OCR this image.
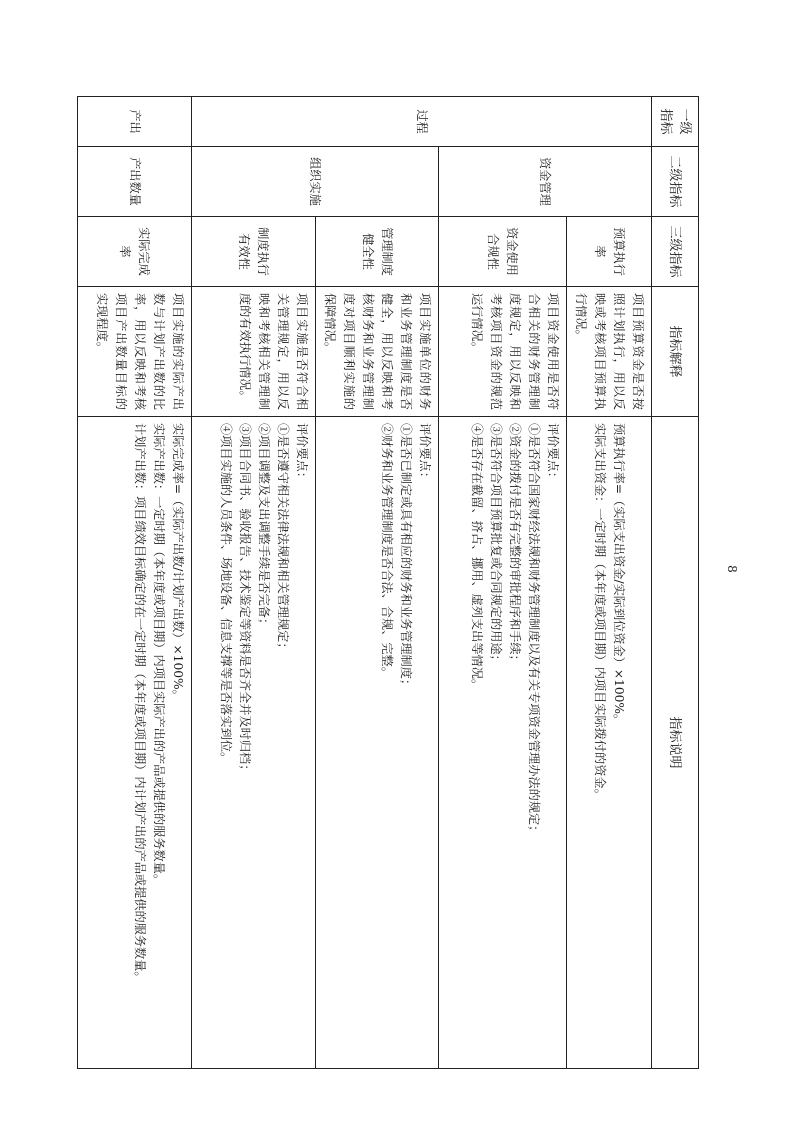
一级指标	二级指标	三级指标	指标解释	指标说明
过程	资金管理	预算执行率	项目预算资金是否按照计划执行，用以反映或考核项目预算执行情况。	预算执行率=（实际支出资金/实际到位资金）×100%。
实际支出资金：一定时期（本年度或项目期）内项目实际拨付的资金。

		资金使用合规性	项目资金使用是否符合相关的财务管理制度规定，用以反映和考核项目资金的规范运行情况。	评价要点：
①是否符合国家财经法规和财务管理制度以及有关专项资金管理办法的规定；
②资金的拨付是否有完整的审批程序和手续；
③是否符合项目预算批复或合同规定的用途；
④是否存在截留、挤占、挪用、虚列支出等情况。

	组织实施	管理制度健全性	项目实施单位的财务和业务管理制度是否健全，用以反映和考核财务和业务管理制度对项目顺利实施的保障情况。	评价要点：
①是否已制定或具有相应的财务和业务管理制度；
②财务和业务管理制度是否合法、合规、完整。

		制度执行有效性	项目实施是否符合相关管理规定，用以反映和考核相关管理制度的有效执行情况。	评价要点：
①是否遵守相关法律法规和相关管理规定；
②项目调整及支出调整手续是否完备；
③项目合同书、验收报告、技术鉴定等资料是否齐全并及时归档；
④项目实施的人员条件、场地设备、信息支撑等是否落实到位。

产出	产出数量	实际完成率	项目实施的实际产出数与计划产出数的比率，用以反映和考核项目产出数量目标的实现程度。	实际完成率=（实际产出数/计划产出数）×100%。
实际产出数：一定时期（本年度或项目期）内项目实际产出的产品或提供的服务数量。
计划产出数：项目绩效目标确定的在一定时期（本年度或项目期）内计划产出的产品或提供的服务数量。	8
